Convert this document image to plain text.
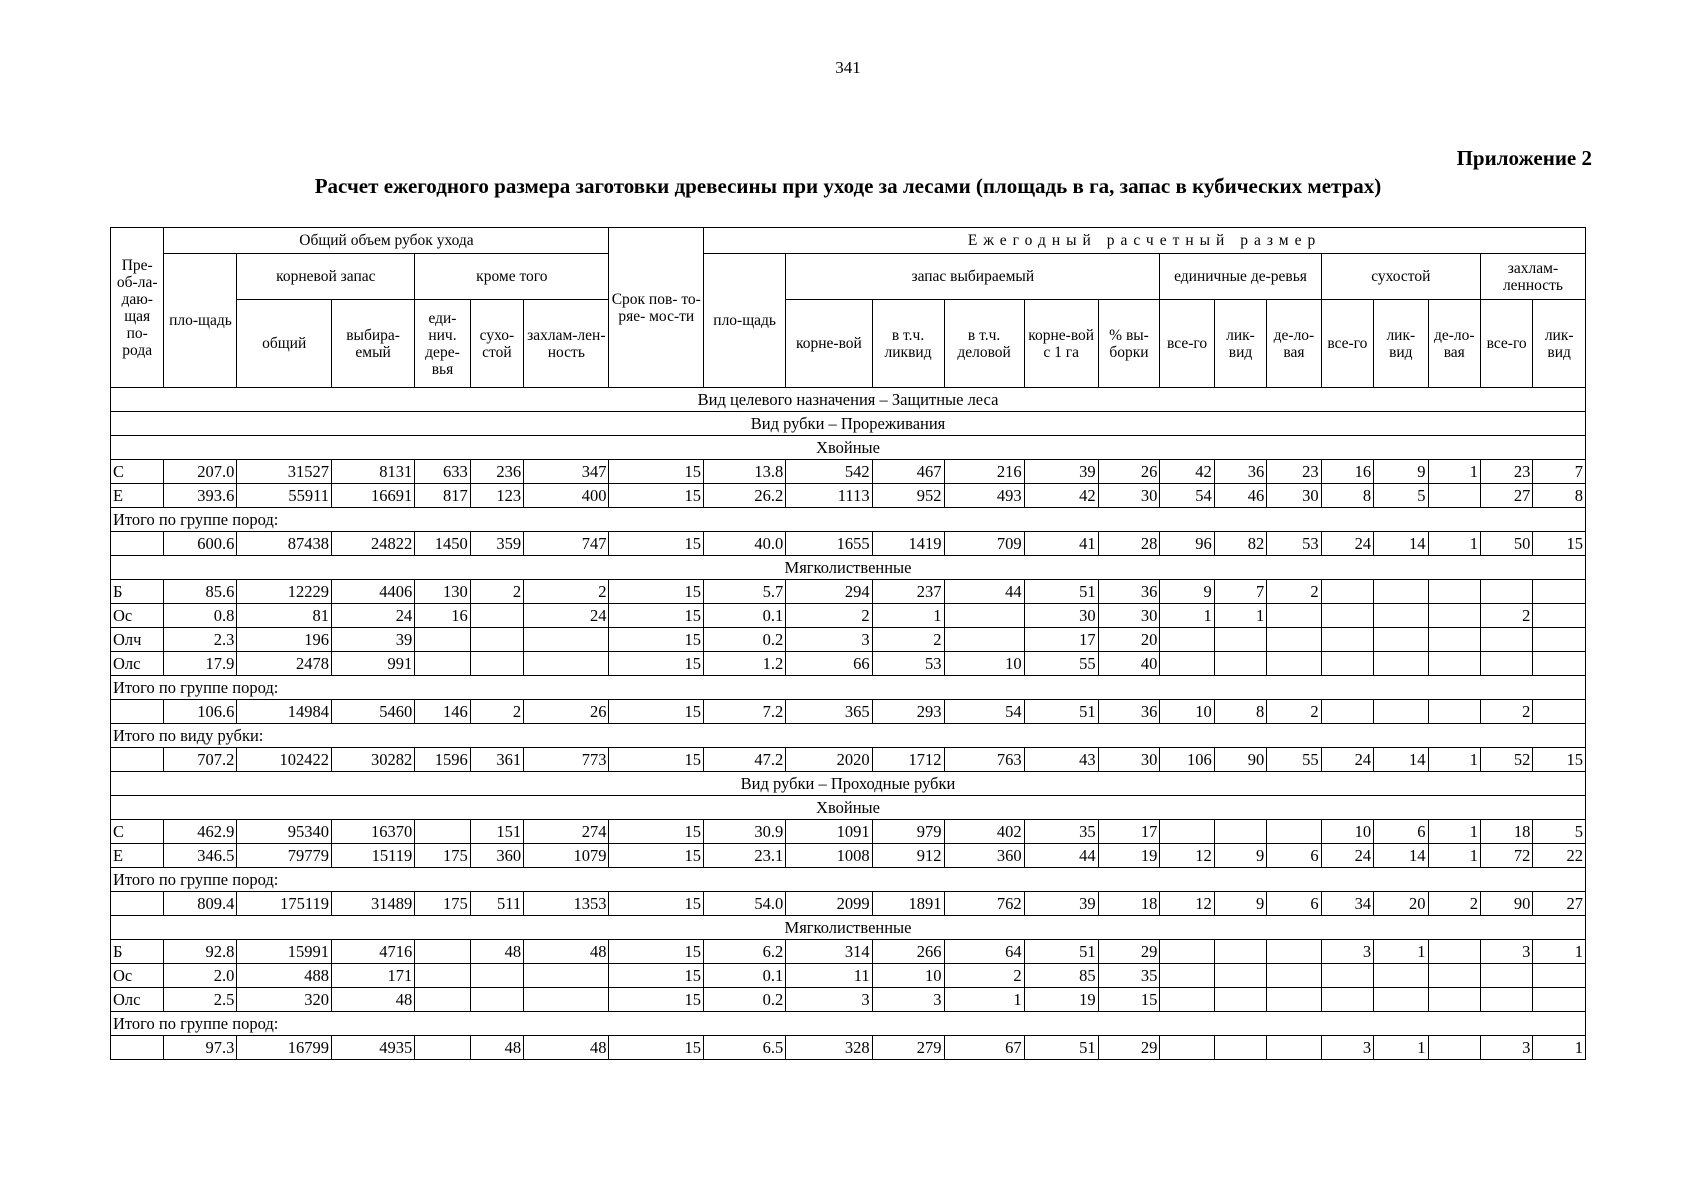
341
Приложение 2
Расчет ежегодного размера заготовки древесины при уходе за лесами (площадь в га, запас в кубических метрах)
Пре-об-ла-даю-щая по-рода	Общий объем рубок ухода						Срок пов- то-ряе- мос-ти	Ежегодный расчетный размер													
	пло-щадь	корневой запас		кроме того				пло-щадь	запас выбираемый					единичные де-ревья			сухостой			захлам-ленность	
		общий	выбира-емый	еди-нич. дере-вья	сухо-стой	захлам-лен-ность			корне-вой	в т.ч. ликвид	в т.ч. деловой	корне-вой с 1 га	% вы-борки	все-го	лик-вид	де-ло-вая	все-го	лик-вид	де-ло-вая	все-го	лик-вид
Вид целевого назначения – Защитные леса																					
Вид рубки – Прореживания																					
Хвойные																					
С	207.0	31527	8131	633	236	347	15	13.8	542	467	216	39	26	42	36	23	16	9	1	23	7
Е	393.6	55911	16691	817	123	400	15	26.2	1113	952	493	42	30	54	46	30	8	5		27	8
Итого по группе пород:																					
	600.6	87438	24822	1450	359	747	15	40.0	1655	1419	709	41	28	96	82	53	24	14	1	50	15
Мягколиственные																					
Б	85.6	12229	4406	130	2	2	15	5.7	294	237	44	51	36	9	7	2					
Ос	0.8	81	24	16		24	15	0.1	2	1		30	30	1	1					2	
Олч	2.3	196	39				15	0.2	3	2		17	20								
Олс	17.9	2478	991				15	1.2	66	53	10	55	40								
Итого по группе пород:																					
	106.6	14984	5460	146	2	26	15	7.2	365	293	54	51	36	10	8	2				2	
Итого по виду рубки:																					
	707.2	102422	30282	1596	361	773	15	47.2	2020	1712	763	43	30	106	90	55	24	14	1	52	15
Вид рубки – Проходные рубки																					
Хвойные																					
С	462.9	95340	16370		151	274	15	30.9	1091	979	402	35	17				10	6	1	18	5
Е	346.5	79779	15119	175	360	1079	15	23.1	1008	912	360	44	19	12	9	6	24	14	1	72	22
Итого по группе пород:																					
	809.4	175119	31489	175	511	1353	15	54.0	2099	1891	762	39	18	12	9	6	34	20	2	90	27
Мягколиственные																					
Б	92.8	15991	4716		48	48	15	6.2	314	266	64	51	29				3	1		3	1
Ос	2.0	488	171				15	0.1	11	10	2	85	35								
Олс	2.5	320	48				15	0.2	3	3	1	19	15								
Итого по группе пород:																					
	97.3	16799	4935		48	48	15	6.5	328	279	67	51	29				3	1		3	1
